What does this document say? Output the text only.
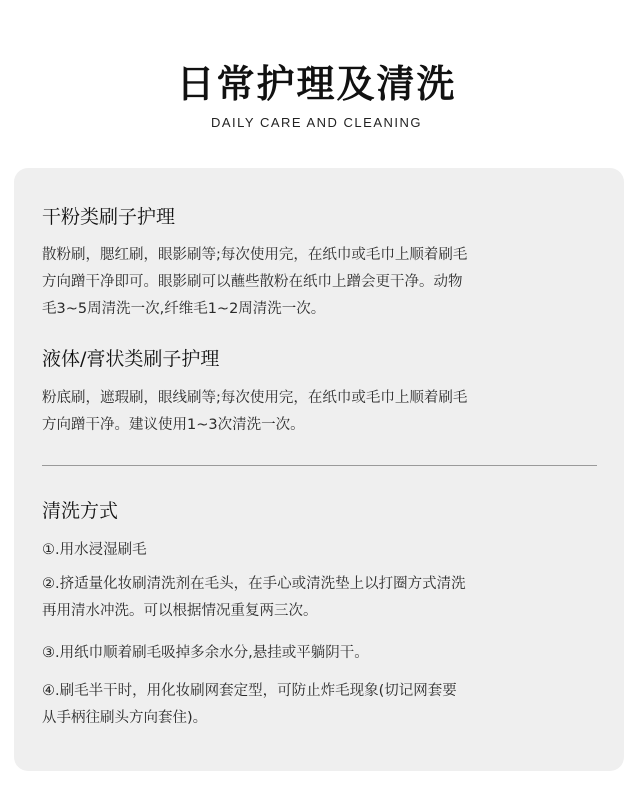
日常护理及清洗
DAILY CARE AND CLEANING
干粉类刷子护理
散粉刷，腮红刷，眼影刷等;每次使用完，在纸巾或毛巾上顺着刷毛
方向蹭干净即可。眼影刷可以蘸些散粉在纸巾上蹭会更干净。动物
毛3~5周清洗一次,纤维毛1~2周清洗一次。
液体/膏状类刷子护理
粉底刷，遮瑕刷，眼线刷等;每次使用完，在纸巾或毛巾上顺着刷毛
方向蹭干净。建议使用1~3次清洗一次。
清洗方式
①.用水浸湿刷毛
②.挤适量化妆刷清洗剂在毛头，在手心或清洗垫上以打圈方式清洗
再用清水冲洗。可以根据情况重复两三次。
③.用纸巾顺着刷毛吸掉多余水分,悬挂或平躺阴干。
④.刷毛半干时，用化妆刷网套定型，可防止炸毛现象(切记网套要
从手柄往刷头方向套住)。
